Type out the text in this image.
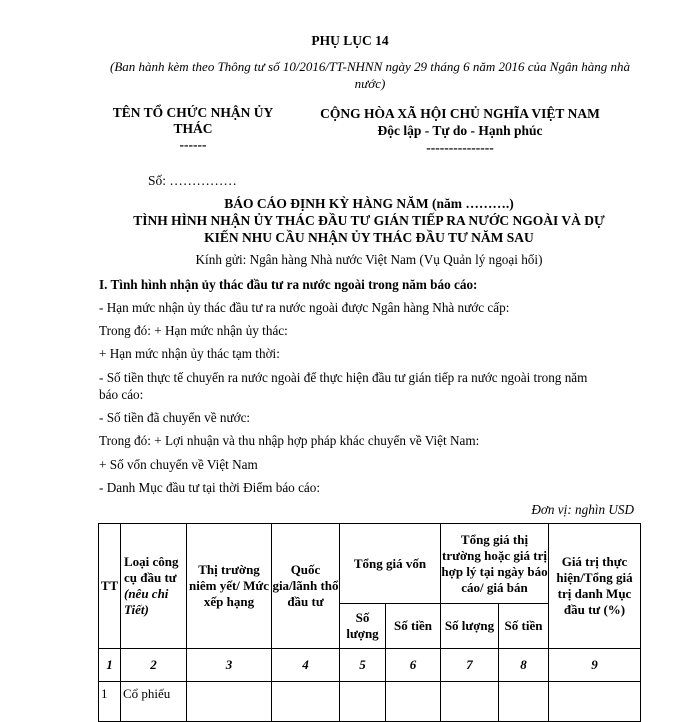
PHỤ LỤC 14
(Ban hành kèm theo Thông tư số 10/2016/TT-NHNN ngày 29 tháng 6 năm 2016 của Ngân hàng nhà nước)
TÊN TỔ CHỨC NHẬN ỦY
THÁC
------
CỘNG HÒA XÃ HỘI CHỦ NGHĨA VIỆT NAM
Độc lập - Tự do - Hạnh phúc
---------------
Số: ……………
BÁO CÁO ĐỊNH KỲ HÀNG NĂM (năm ……….)
TÌNH HÌNH NHẬN ỦY THÁC ĐẦU TƯ GIÁN TIẾP RA NƯỚC NGOÀI VÀ DỰ
KIẾN NHU CẦU NHẬN ỦY THÁC ĐẦU TƯ NĂM SAU
Kính gửi: Ngân hàng Nhà nước Việt Nam (Vụ Quản lý ngoại hối)
I. Tình hình nhận ủy thác đầu tư ra nước ngoài trong năm báo cáo:
- Hạn mức nhận ủy thác đầu tư ra nước ngoài được Ngân hàng Nhà nước cấp:
Trong đó: + Hạn mức nhận ủy thác:
+ Hạn mức nhận ủy thác tạm thời:
- Số tiền thực tế chuyển ra nước ngoài để thực hiện đầu tư gián tiếp ra nước ngoài trong năm
báo cáo:
- Số tiền đã chuyển về nước:
Trong đó: + Lợi nhuận và thu nhập hợp pháp khác chuyển về Việt Nam:
+ Số vốn chuyển về Việt Nam
- Danh Mục đầu tư tại thời Điểm báo cáo:
Đơn vị: nghìn USD
TT	Loại công cụ đầu tư (nêu chi Tiết)	Thị trường niêm yết/ Mức xếp hạng	Quốc gia/lãnh thổ đầu tư	Tổng giá vốn		Tổng giá thị trường hoặc giá trị hợp lý tại ngày báo cáo/ giá bán		Giá trị thực hiện/Tổng giá trị danh Mục đầu tư (%)
				Số lượng	Số tiền	Số lượng	Số tiền	
1	2	3	4	5	6	7	8	9
1	Cổ phiếu							
